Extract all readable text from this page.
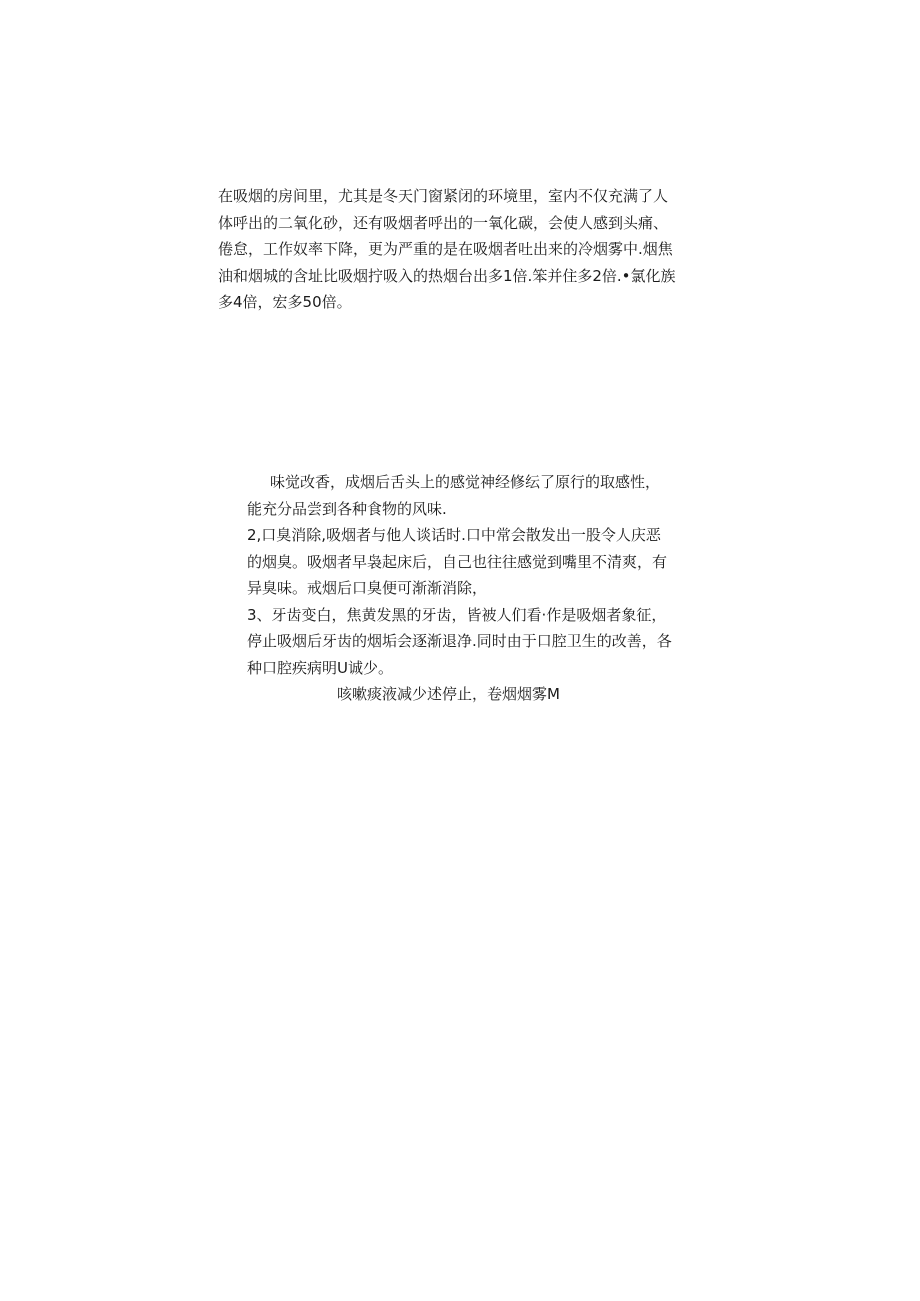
在吸烟的房间里，尤其是冬天门窗紧闭的环境里，室内不仅充满了人

体呼出的二氧化砂，还有吸烟者呼出的一氧化碳，会使人感到头痛、

倦怠，工作奴率下降，更为严重的是在吸烟者吐出来的冷烟雾中.烟焦

油和烟城的含址比吸烟拧吸入的热烟台出多1倍.笨并住多2倍.•氯化族

多4倍，宏多50倍。

味觉改香，成烟后舌头上的感觉神经修纭了原行的取感性，

能充分品尝到各种食物的风味.

2,口臭消除,吸烟者与他人谈话时.口中常会散发出一股令人庆恶

的烟臭。吸烟者早袅起床后，自己也往往感觉到嘴里不清爽，有

异臭味。戒烟后口臭便可渐渐消除，

3、牙齿变白，焦黄发黑的牙齿，皆被人们看·作是吸烟者象征，

停止吸烟后牙齿的烟垢会逐渐退净.同时由于口腔卫生的改善，各

种口腔疾病明U诚少。

咳嗽痰液减少述停止，卷烟烟雾M
